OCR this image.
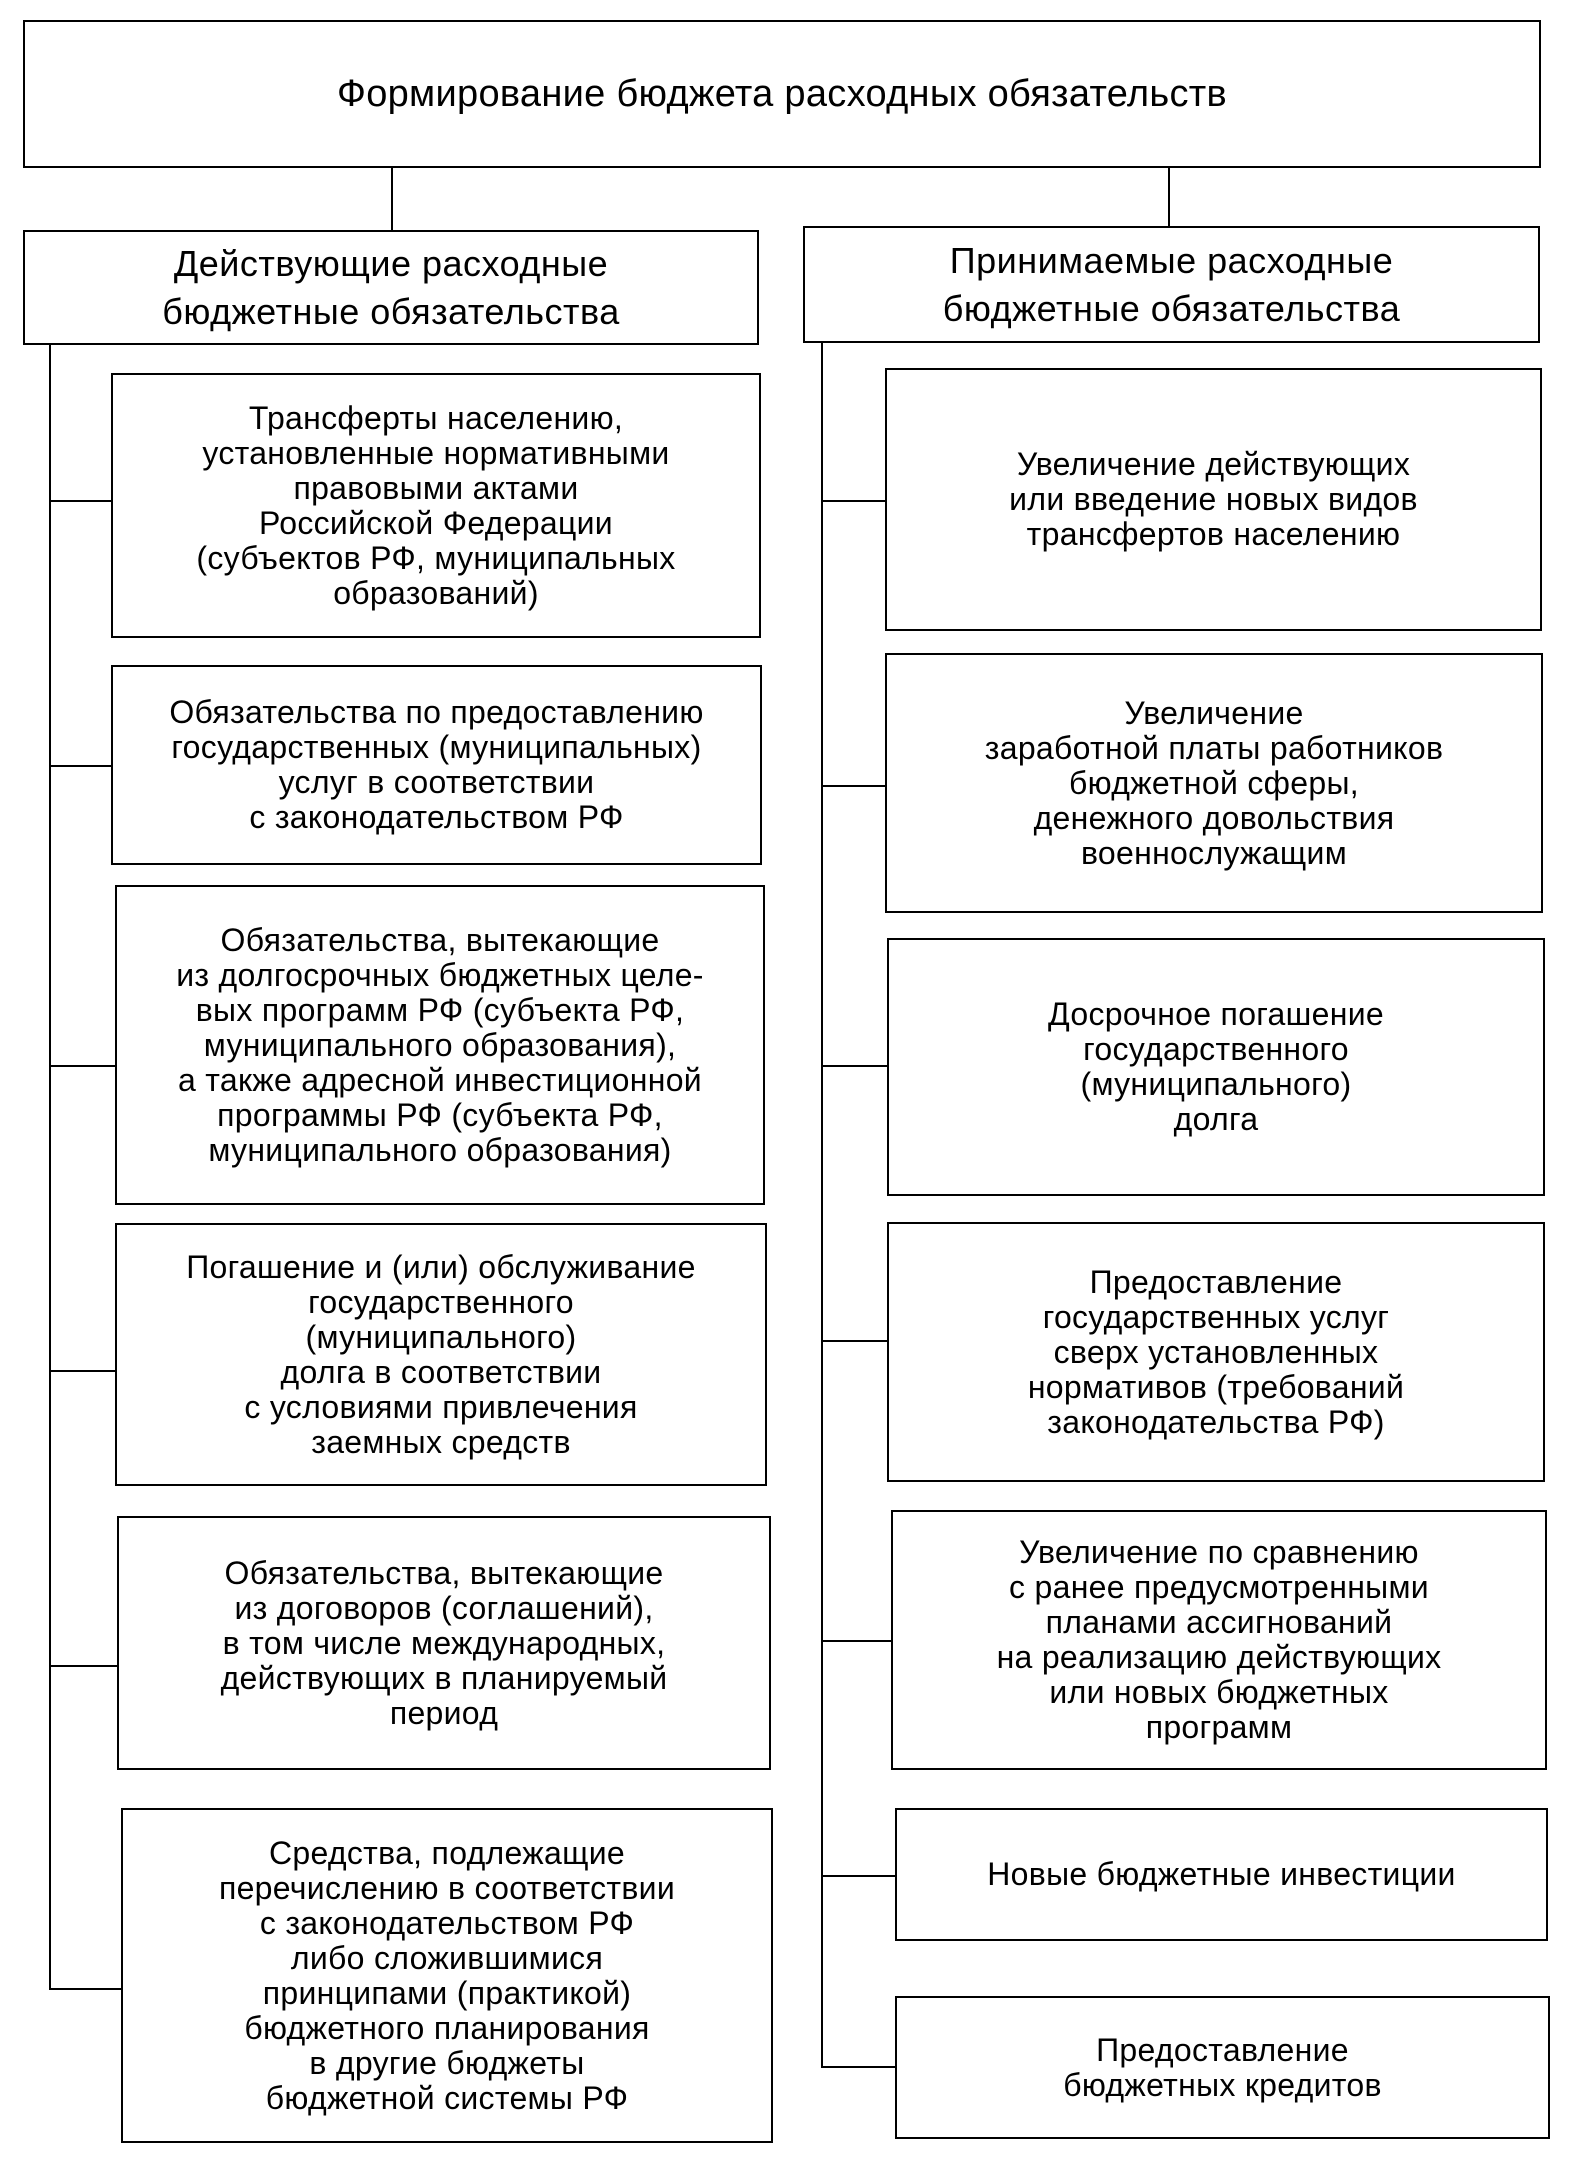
Формирование бюджета расходных обязательств
Действующие расходные
бюджетные обязательства
Принимаемые расходные
бюджетные обязательства
Трансферты населению,
установленные нормативными
правовыми актами
Российской Федерации
(субъектов РФ, муниципальных
образований)
Обязательства по предоставлению
государственных (муниципальных)
услуг в соответствии
с законодательством РФ
Обязательства, вытекающие
из долгосрочных бюджетных целе-
вых программ РФ (субъекта РФ,
муниципального образования),
а также адресной инвестиционной
программы РФ (субъекта РФ,
муниципального образования)
Погашение и (или) обслуживание
государственного
(муниципального)
долга в соответствии
с условиями привлечения
заемных средств
Обязательства, вытекающие
из договоров (соглашений),
в том числе международных,
действующих в планируемый
период
Средства, подлежащие
перечислению в соответствии
с законодательством РФ
либо сложившимися
принципами (практикой)
бюджетного планирования
в другие бюджеты
бюджетной системы РФ
Увеличение действующих
или введение новых видов
трансфертов населению
Увеличение
заработной платы работников
бюджетной сферы,
денежного довольствия
военнослужащим
Досрочное погашение
государственного
(муниципального)
долга
Предоставление
государственных услуг
сверх установленных
нормативов (требований
законодательства РФ)
Увеличение по сравнению
с ранее предусмотренными
планами ассигнований
на реализацию действующих
или новых бюджетных
программ
Новые бюджетные инвестиции
Предоставление
бюджетных кредитов
